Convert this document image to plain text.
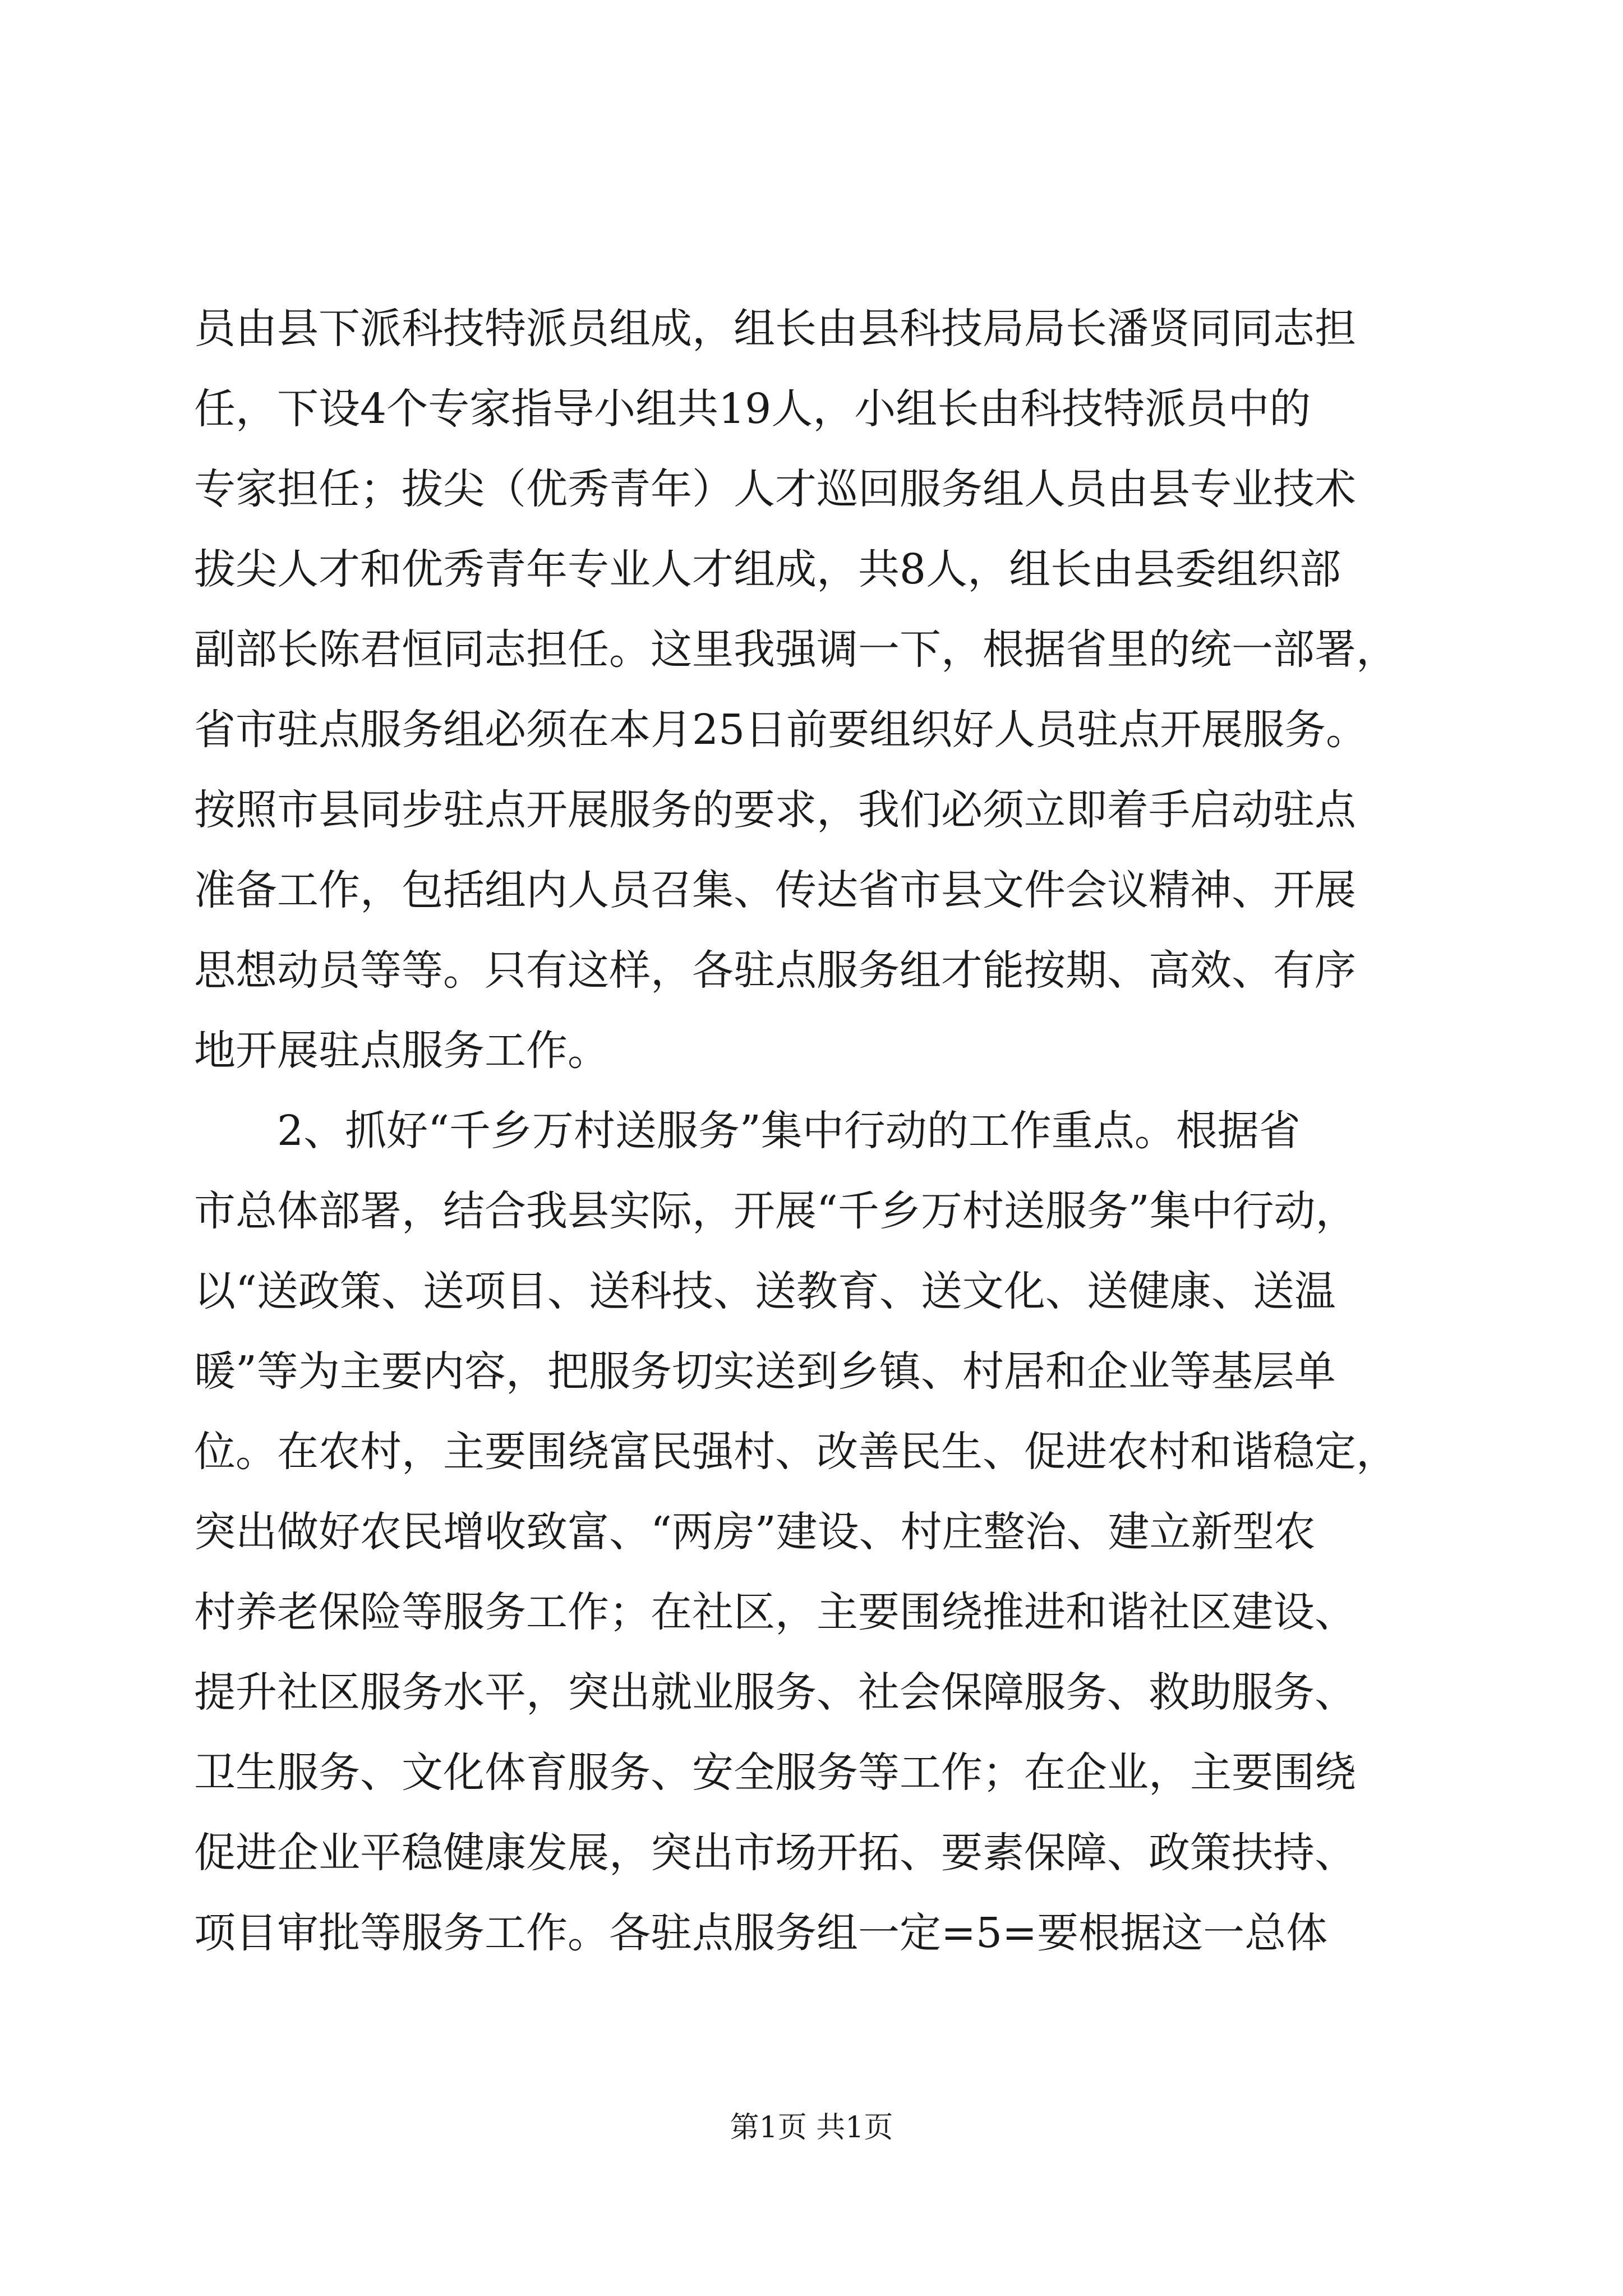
员由县下派科技特派员组成，组长由县科技局局长潘贤同同志担
任，下设4个专家指导小组共19人，小组长由科技特派员中的
专家担任；拔尖（优秀青年）人才巡回服务组人员由县专业技术
拔尖人才和优秀青年专业人才组成，共8人，组长由县委组织部
副部长陈君恒同志担任。这里我强调一下，根据省里的统一部署，
省市驻点服务组必须在本月25日前要组织好人员驻点开展服务。
按照市县同步驻点开展服务的要求，我们必须立即着手启动驻点
准备工作，包括组内人员召集、传达省市县文件会议精神、开展
思想动员等等。只有这样，各驻点服务组才能按期、高效、有序
地开展驻点服务工作。
　　2、抓好“千乡万村送服务”集中行动的工作重点。根据省
市总体部署，结合我县实际，开展“千乡万村送服务”集中行动，
以“送政策、送项目、送科技、送教育、送文化、送健康、送温
暖”等为主要内容，把服务切实送到乡镇、村居和企业等基层单
位。在农村，主要围绕富民强村、改善民生、促进农村和谐稳定，
突出做好农民增收致富、“两房”建设、村庄整治、建立新型农
村养老保险等服务工作；在社区，主要围绕推进和谐社区建设、
提升社区服务水平，突出就业服务、社会保障服务、救助服务、
卫生服务、文化体育服务、安全服务等工作；在企业，主要围绕
促进企业平稳健康发展，突出市场开拓、要素保障、政策扶持、
项目审批等服务工作。各驻点服务组一定=5=要根据这一总体
第1页 共1页
